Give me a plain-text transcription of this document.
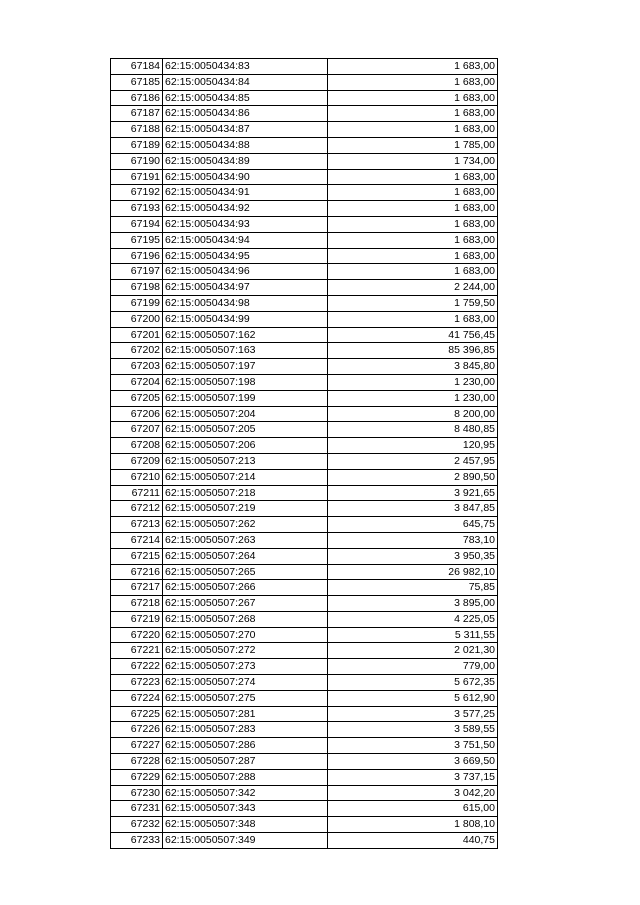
67184	62:15:0050434:83	1 683,00
67185	62:15:0050434:84	1 683,00
67186	62:15:0050434:85	1 683,00
67187	62:15:0050434:86	1 683,00
67188	62:15:0050434:87	1 683,00
67189	62:15:0050434:88	1 785,00
67190	62:15:0050434:89	1 734,00
67191	62:15:0050434:90	1 683,00
67192	62:15:0050434:91	1 683,00
67193	62:15:0050434:92	1 683,00
67194	62:15:0050434:93	1 683,00
67195	62:15:0050434:94	1 683,00
67196	62:15:0050434:95	1 683,00
67197	62:15:0050434:96	1 683,00
67198	62:15:0050434:97	2 244,00
67199	62:15:0050434:98	1 759,50
67200	62:15:0050434:99	1 683,00
67201	62:15:0050507:162	41 756,45
67202	62:15:0050507:163	85 396,85
67203	62:15:0050507:197	3 845,80
67204	62:15:0050507:198	1 230,00
67205	62:15:0050507:199	1 230,00
67206	62:15:0050507:204	8 200,00
67207	62:15:0050507:205	8 480,85
67208	62:15:0050507:206	120,95
67209	62:15:0050507:213	2 457,95
67210	62:15:0050507:214	2 890,50
67211	62:15:0050507:218	3 921,65
67212	62:15:0050507:219	3 847,85
67213	62:15:0050507:262	645,75
67214	62:15:0050507:263	783,10
67215	62:15:0050507:264	3 950,35
67216	62:15:0050507:265	26 982,10
67217	62:15:0050507:266	75,85
67218	62:15:0050507:267	3 895,00
67219	62:15:0050507:268	4 225,05
67220	62:15:0050507:270	5 311,55
67221	62:15:0050507:272	2 021,30
67222	62:15:0050507:273	779,00
67223	62:15:0050507:274	5 672,35
67224	62:15:0050507:275	5 612,90
67225	62:15:0050507:281	3 577,25
67226	62:15:0050507:283	3 589,55
67227	62:15:0050507:286	3 751,50
67228	62:15:0050507:287	3 669,50
67229	62:15:0050507:288	3 737,15
67230	62:15:0050507:342	3 042,20
67231	62:15:0050507:343	615,00
67232	62:15:0050507:348	1 808,10
67233	62:15:0050507:349	440,75
